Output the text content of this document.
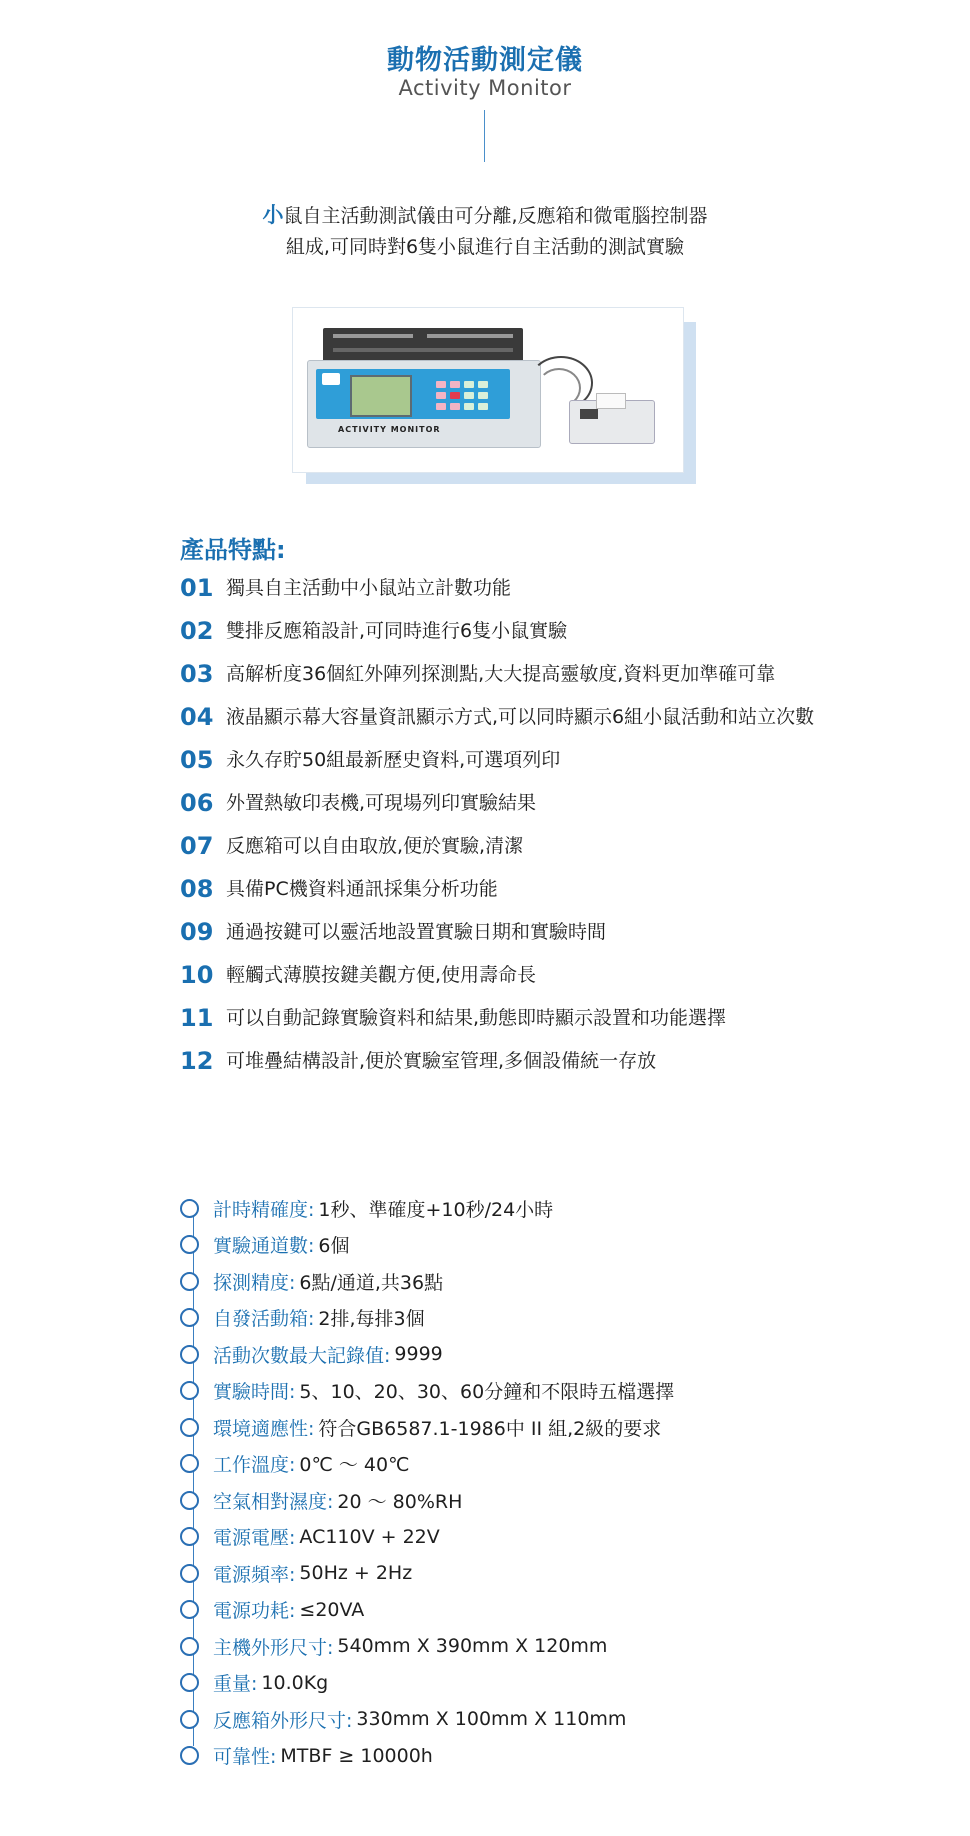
動物活動測定儀
Activity Monitor
小鼠自主活動測試儀由可分離,反應箱和微電腦控制器
組成,可同時對6隻小鼠進行自主活動的測試實驗
ACTIVITY MONITOR
產品特點:
01 獨具自主活動中小鼠站立計數功能
02 雙排反應箱設計,可同時進行6隻小鼠實驗
03 高解析度36個紅外陣列探測點,大大提高靈敏度,資料更加準確可靠
04 液晶顯示幕大容量資訊顯示方式,可以同時顯示6組小鼠活動和站立次數
05 永久存貯50組最新歷史資料,可選項列印
06 外置熱敏印表機,可現場列印實驗結果
07 反應箱可以自由取放,便於實驗,清潔
08 具備PC機資料通訊採集分析功能
09 通過按鍵可以靈活地設置實驗日期和實驗時間
10 輕觸式薄膜按鍵美觀方便,使用壽命長
11 可以自動記錄實驗資料和結果,動態即時顯示設置和功能選擇
12 可堆疊結構設計,便於實驗室管理,多個設備統一存放
計時精確度: 1秒、準確度+10秒/24小時
實驗通道數: 6個
探測精度: 6點/通道,共36點
自發活動箱: 2排,每排3個
活動次數最大記錄值: 9999
實驗時間: 5、10、20、30、60分鐘和不限時五檔選擇
環境適應性: 符合GB6587.1-1986中 II 組,2級的要求
工作溫度: 0℃ ～ 40℃
空氣相對濕度: 20 ～ 80%RH
電源電壓: AC110V + 22V
電源頻率: 50Hz + 2Hz
電源功耗: ≤20VA
主機外形尺寸: 540mm X 390mm X 120mm
重量: 10.0Kg
反應箱外形尺寸: 330mm X 100mm X 110mm
可靠性: MTBF ≥ 10000h
